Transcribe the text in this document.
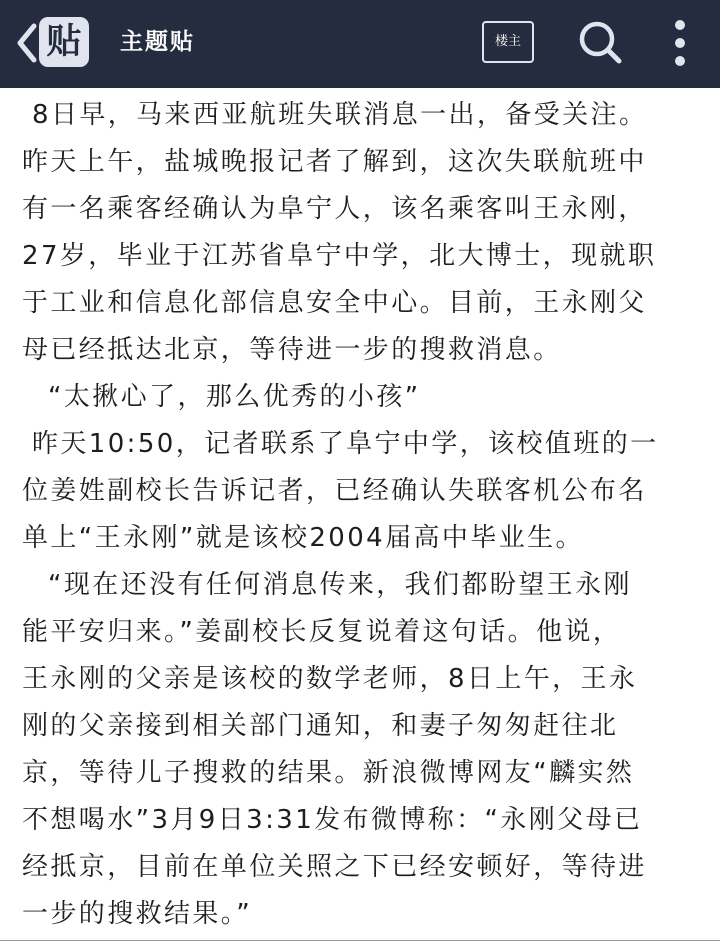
贴	主题贴	楼主
8日早，马来西亚航班失联消息一出，备受关注。
昨天上午，盐城晚报记者了解到，这次失联航班中
有一名乘客经确认为阜宁人，该名乘客叫王永刚，
27岁，毕业于江苏省阜宁中学，北大博士，现就职
于工业和信息化部信息安全中心。目前，王永刚父
母已经抵达北京，等待进一步的搜救消息。
“太揪心了，那么优秀的小孩”
昨天10:50，记者联系了阜宁中学，该校值班的一
位姜姓副校长告诉记者，已经确认失联客机公布名
单上“王永刚”就是该校2004届高中毕业生。
“现在还没有任何消息传来，我们都盼望王永刚
能平安归来。”姜副校长反复说着这句话。他说，
王永刚的父亲是该校的数学老师，8日上午，王永
刚的父亲接到相关部门通知，和妻子匆匆赶往北
京，等待儿子搜救的结果。新浪微博网友“麟实然
不想喝水”3月9日3:31发布微博称：“永刚父母已
经抵京，目前在单位关照之下已经安顿好，等待进
一步的搜救结果。”
